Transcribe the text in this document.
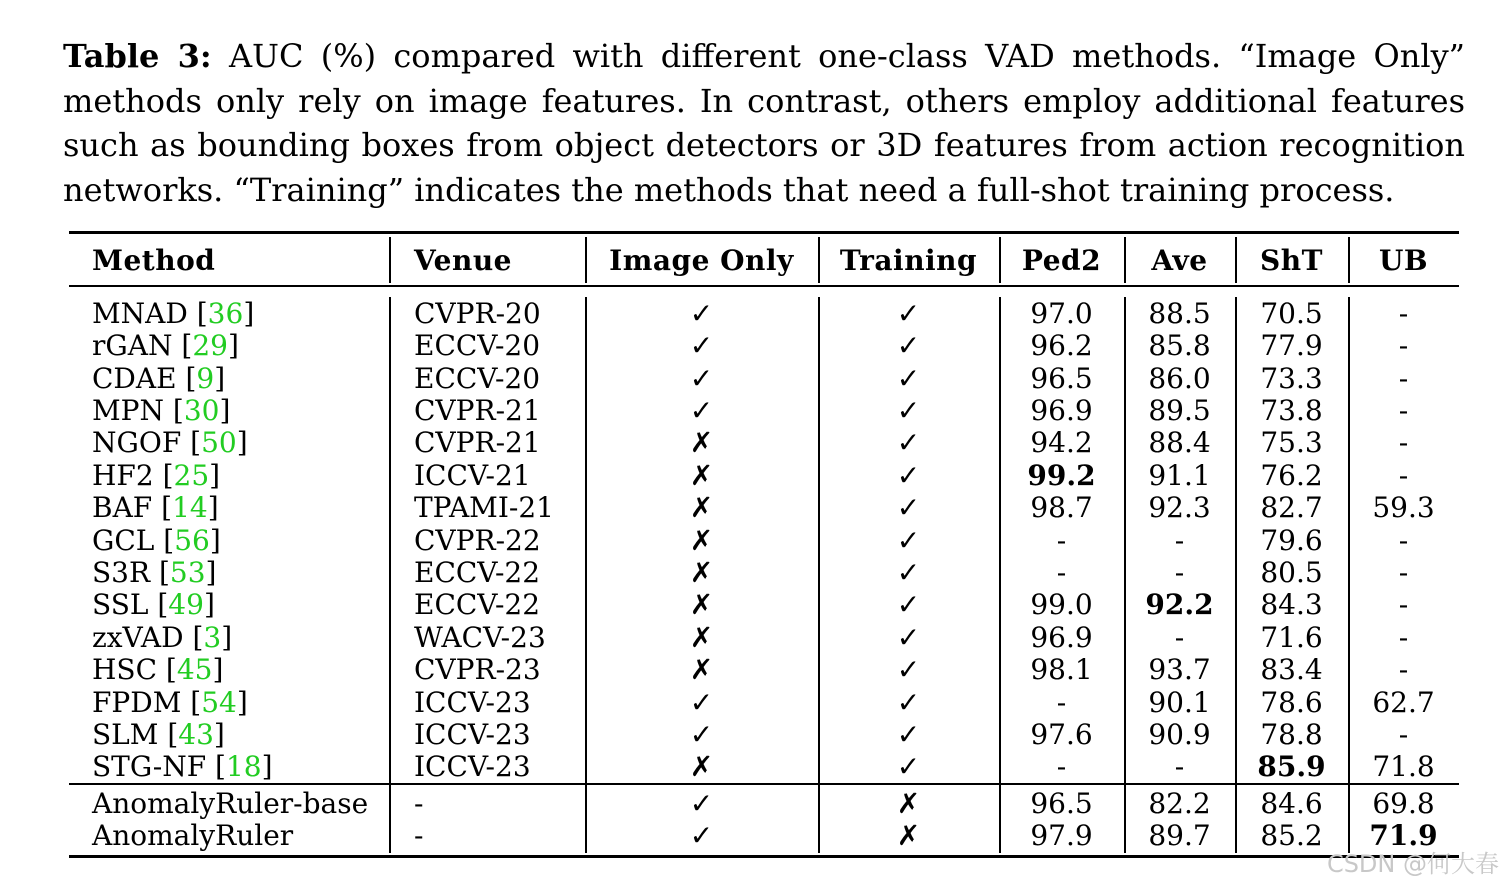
Table 3: AUC (%) compared with different one-class VAD methods. “Image Only” methods only rely on image features. In contrast, others employ additional features such as bounding boxes from object detectors or 3D features from action recognition networks. “Training” indicates the methods that need a full-shot training process.
Method	Venue	Image Only	Training	Ped2	Ave	ShT	UB
MNAD [ 36 ]	CVPR-20	✓	✓	97.0	88.5	70.5	-
rGAN [ 29 ]	ECCV-20	✓	✓	96.2	85.8	77.9	-
CDAE [ 9 ]	ECCV-20	✓	✓	96.5	86.0	73.3	-
MPN [ 30 ]	CVPR-21	✓	✓	96.9	89.5	73.8	-
NGOF [ 50 ]	CVPR-21	✗	✓	94.2	88.4	75.3	-
HF2 [ 25 ]	ICCV-21	✗	✓	99.2	91.1	76.2	-
BAF [ 14 ]	TPAMI-21	✗	✓	98.7	92.3	82.7	59.3
GCL [ 56 ]	CVPR-22	✗	✓	-	-	79.6	-
S3R [ 53 ]	ECCV-22	✗	✓	-	-	80.5	-
SSL [ 49 ]	ECCV-22	✗	✓	99.0	92.2	84.3	-
zxVAD [ 3 ]	WACV-23	✗	✓	96.9	-	71.6	-
HSC [ 45 ]	CVPR-23	✗	✓	98.1	93.7	83.4	-
FPDM [ 54 ]	ICCV-23	✓	✓	-	90.1	78.6	62.7
SLM [ 43 ]	ICCV-23	✓	✓	97.6	90.9	78.8	-
STG-NF [ 18 ]	ICCV-23	✗	✓	-	-	85.9	71.8
AnomalyRuler-base	-	✓	✗	96.5	82.2	84.6	69.8
AnomalyRuler	-	✓	✗	97.9	89.7	85.2	71.9
CSDN @何大春
